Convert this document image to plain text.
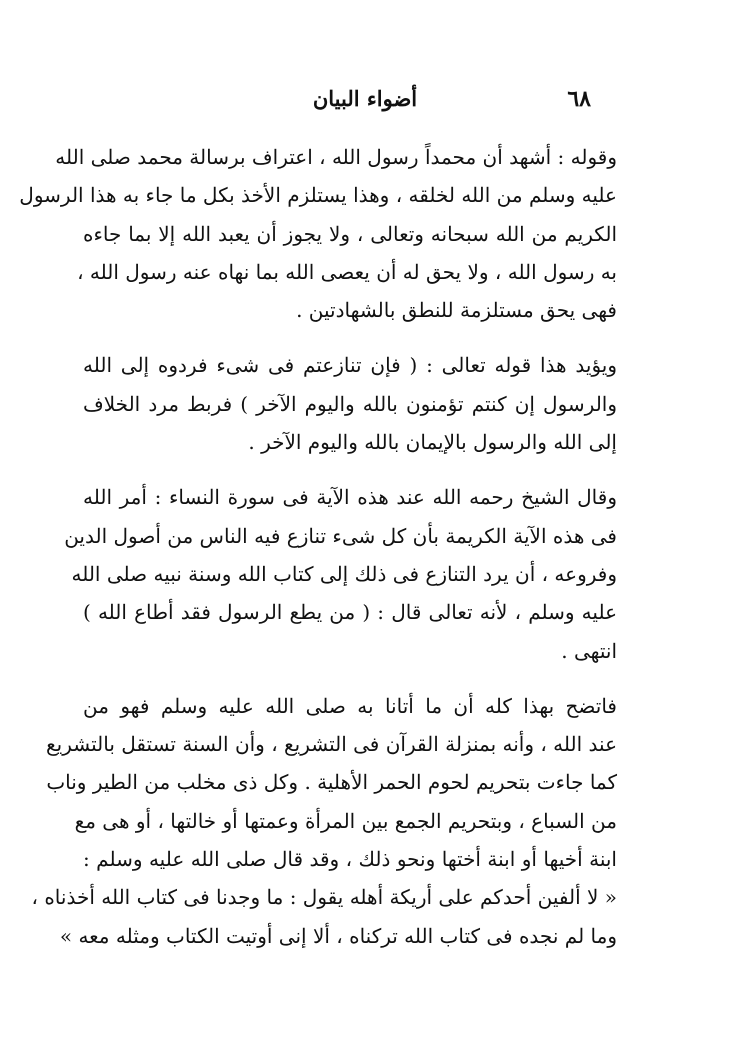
أضواء البيان	٦٨
وقوله : أشهد أن محمداً رسول الله ، اعتراف برسالة محمد صلى الله
عليه وسلم من الله لخلقه ، وهذا يستلزم الأخذ بكل ما جاء به هذا الرسول
الكريم من الله سبحانه وتعالى ، ولا يجوز أن يعبد الله إلا بما جاءه
به رسول الله ، ولا يحق له أن يعصى الله بما نهاه عنه رسول الله ،
فهى يحق مستلزمة للنطق بالشهادتين .
ويؤيد هذا قوله تعالى : ( فإن تنازعتم فى شىء فردوه إلى الله
والرسول إن كنتم تؤمنون بالله واليوم الآخر ) فربط مرد الخلاف
إلى الله والرسول بالإيمان بالله واليوم الآخر .
وقال الشيخ رحمه الله عند هذه الآية فى سورة النساء : أمر الله
فى هذه الآية الكريمة بأن كل شىء تنازع فيه الناس من أصول الدين
وفروعه ، أن يرد التنازع فى ذلك إلى كتاب الله وسنة نبيه صلى الله
عليه وسلم ، لأنه تعالى قال : ( من يطع الرسول فقد أطاع الله )
انتهى .
فاتضح بهذا كله أن ما أتانا به صلى الله عليه وسلم فهو من
عند الله ، وأنه بمنزلة القرآن فى التشريع ، وأن السنة تستقل بالتشريع
كما جاءت بتحريم لحوم الحمر الأهلية . وكل ذى مخلب من الطير وناب
من السباع ، وبتحريم الجمع بين المرأة وعمتها أو خالتها ، أو هى مع
ابنة أخيها أو ابنة أختها ونحو ذلك ، وقد قال صلى الله عليه وسلم :
« لا ألفين أحدكم على أريكة أهله يقول : ما وجدنا فى كتاب الله أخذناه ،
وما لم نجده فى كتاب الله تركناه ، ألا إنى أوتيت الكتاب ومثله معه »
